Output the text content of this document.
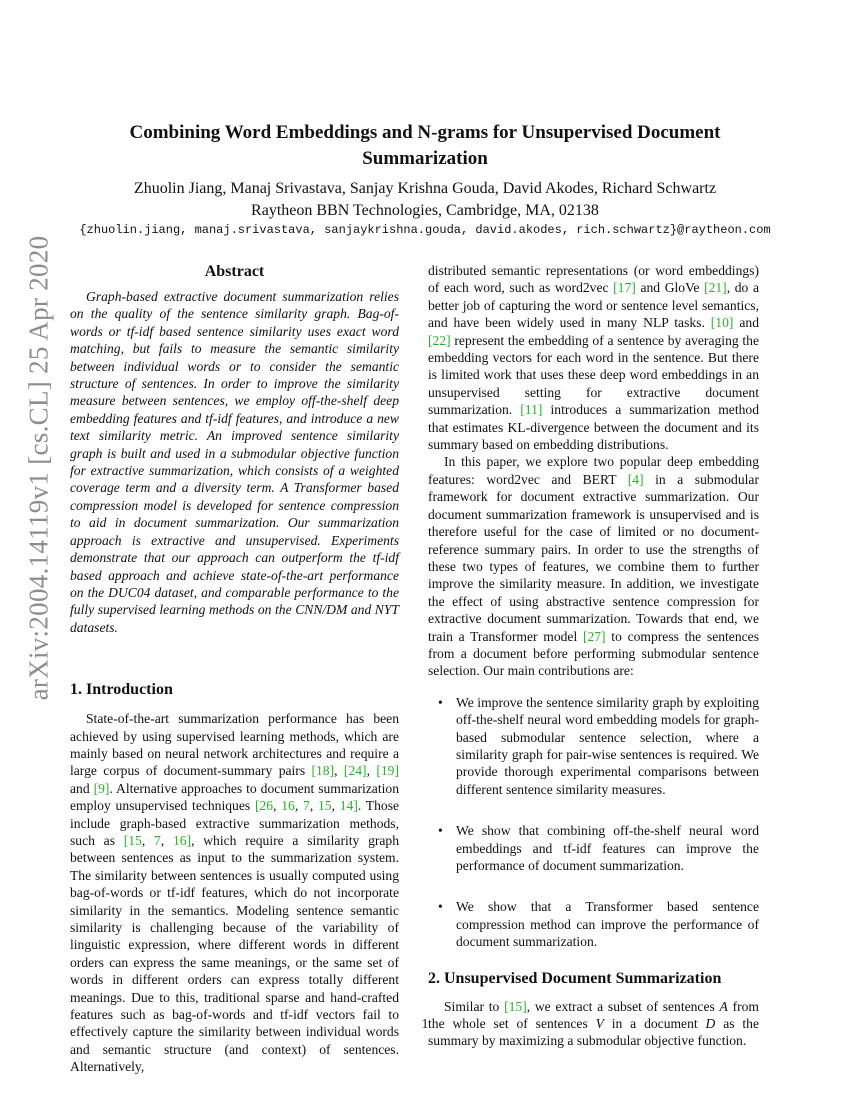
arXiv:2004.14119v1 [cs.CL] 25 Apr 2020
Combining Word Embeddings and N-grams for Unsupervised Document Summarization
Zhuolin Jiang, Manaj Srivastava, Sanjay Krishna Gouda, David Akodes, Richard Schwartz
Raytheon BBN Technologies, Cambridge, MA, 02138
{zhuolin.jiang, manaj.srivastava, sanjaykrishna.gouda, david.akodes, rich.schwartz}@raytheon.com
Abstract

Graph-based extractive document summarization relies on the quality of the sentence similarity graph. Bag-of-words or tf-idf based sentence similarity uses exact word matching, but fails to measure the semantic similarity between individual words or to consider the semantic structure of sentences. In order to improve the similarity measure between sentences, we employ off-the-shelf deep embedding features and tf-idf features, and introduce a new text similarity metric. An improved sentence similarity graph is built and used in a submodular objective function for extractive summarization, which consists of a weighted coverage term and a diversity term. A Transformer based compression model is developed for sentence compression to aid in document summarization. Our summarization approach is extractive and unsupervised. Experiments demonstrate that our approach can outperform the tf-idf based approach and achieve state-of-the-art performance on the DUC04 dataset, and comparable performance to the fully supervised learning methods on the CNN/DM and NYT datasets.

1. Introduction

State-of-the-art summarization performance has been achieved by using supervised learning methods, which are mainly based on neural network architectures and require a large corpus of document-summary pairs [18], [24], [19] and [9]. Alternative approaches to document summarization employ unsupervised techniques [26, 16, 7, 15, 14]. Those include graph-based extractive summarization methods, such as [15, 7, 16], which require a similarity graph between sentences as input to the summarization system. The similarity between sentences is usually computed using bag-of-words or tf-idf features, which do not incorporate similarity in the semantics. Modeling sentence semantic similarity is challenging because of the variability of linguistic expression, where different words in different orders can express the same meanings, or the same set of words in different orders can express totally different meanings. Due to this, traditional sparse and hand-crafted features such as bag-of-words and tf-idf vectors fail to effectively capture the similarity between individual words and semantic structure (and context) of sentences. Alternatively,

distributed semantic representations (or word embeddings) of each word, such as word2vec [17] and GloVe [21], do a better job of capturing the word or sentence level semantics, and have been widely used in many NLP tasks. [10] and [22] represent the embedding of a sentence by averaging the embedding vectors for each word in the sentence. But there is limited work that uses these deep word embeddings in an unsupervised setting for extractive document summarization. [11] introduces a summarization method that estimates KL-divergence between the document and its summary based on embedding distributions.

In this paper, we explore two popular deep embedding features: word2vec and BERT [4] in a submodular framework for document extractive summarization. Our document summarization framework is unsupervised and is therefore useful for the case of limited or no document-reference summary pairs. In order to use the strengths of these two types of features, we combine them to further improve the similarity measure. In addition, we investigate the effect of using abstractive sentence compression for extractive document summarization. Towards that end, we train a Transformer model [27] to compress the sentences from a document before performing submodular sentence selection. Our main contributions are:

• We improve the sentence similarity graph by exploiting off-the-shelf neural word embedding models for graph-based submodular sentence selection, where a similarity graph for pair-wise sentences is required. We provide thorough experimental comparisons between different sentence similarity measures.
• We show that combining off-the-shelf neural word embeddings and tf-idf features can improve the performance of document summarization.
• We show that a Transformer based sentence compression method can improve the performance of document summarization.
2. Unsupervised Document Summarization

Similar to [15], we extract a subset of sentences A from the whole set of sentences V in a document D as the summary by maximizing a submodular objective function.

1
